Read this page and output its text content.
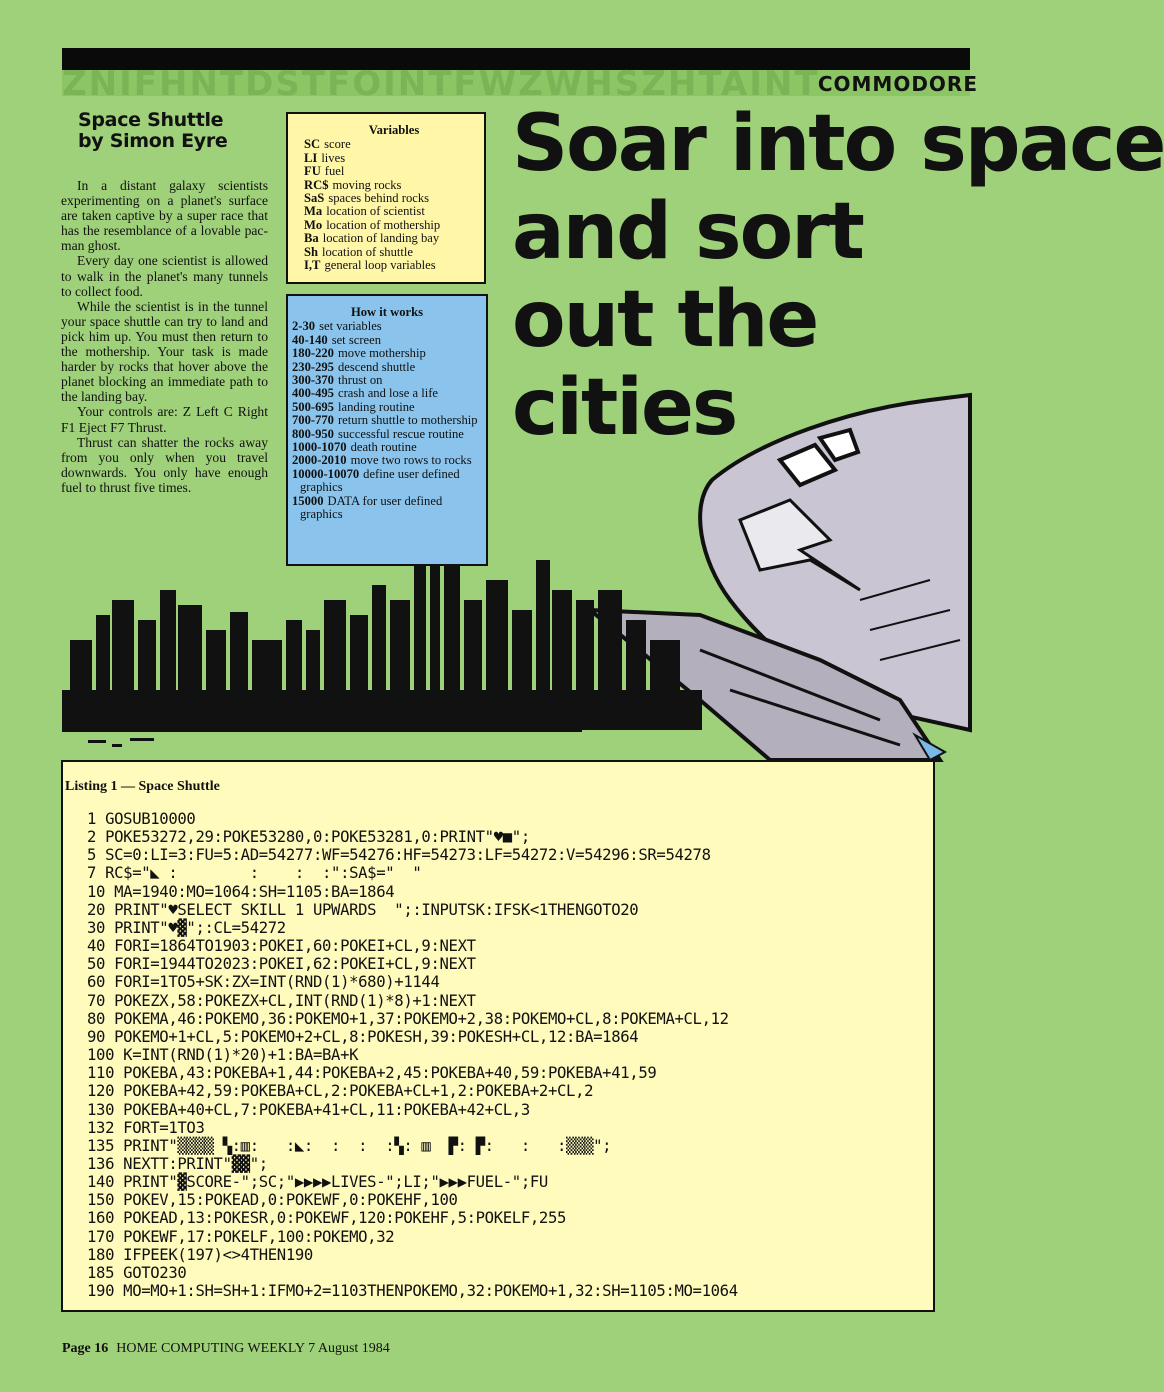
ZNIFHNTDSTFOINTFWZWHSZHTAINT
COMMODORE
Space Shuttle
by Simon Eyre

In a distant galaxy scientists experimenting on a planet's surface are taken captive by a super race that has the resemblance of a lovable pac-man ghost.

Every day one scientist is allowed to walk in the planet's many tunnels to collect food.

While the scientist is in the tunnel your space shuttle can try to land and pick him up. You must then return to the mothership. Your task is made harder by rocks that hover above the planet blocking an immediate path to the landing bay.

Your controls are: Z Left C Right F1 Eject F7 Thrust.

Thrust can shatter the rocks away from you only when you travel downwards. You only have enough fuel to thrust five times.

Variables
SC score
LI lives
FU fuel
RC$ moving rocks
SaS spaces behind rocks
Ma location of scientist
Mo location of mothership
Ba location of landing bay
Sh location of shuttle
I,T general loop variables
How it works
2-30 set variables
40-140 set screen
180-220 move mothership
230-295 descend shuttle
300-370 thrust on
400-495 crash and lose a life
500-695 landing routine
700-770 return shuttle to mothership
800-950 successful rescue routine
1000-1070 death routine
2000-2010 move two rows to rocks
10000-10070 define user defined graphics
15000 DATA for user defined graphics
Soar into space
and sort
out the
cities
Listing 1 — Space Shuttle
1 GOSUB10000
2 POKE53272,29:POKE53280,0:POKE53281,0:PRINT"♥■";
5 SC=0:LI=3:FU=5:AD=54277:WF=54276:HF=54273:LF=54272:V=54296:SR=54278
7 RC$="◣ :        :    :  :":SA$="  "
10 MA=1940:MO=1064:SH=1105:BA=1864
20 PRINT"♥SELECT SKILL 1 UPWARDS  ";:INPUTSK:IFSK<1THENGOTO20
30 PRINT"♥▓";:CL=54272
40 FORI=1864TO1903:POKEI,60:POKEI+CL,9:NEXT
50 FORI=1944TO2023:POKEI,62:POKEI+CL,9:NEXT
60 FORI=1TO5+SK:ZX=INT(RND(1)*680)+1144
70 POKEZX,58:POKEZX+CL,INT(RND(1)*8)+1:NEXT
80 POKEMA,46:POKEMO,36:POKEMO+1,37:POKEMO+2,38:POKEMO+CL,8:POKEMA+CL,12
90 POKEMO+1+CL,5:POKEMO+2+CL,8:POKESH,39:POKESH+CL,12:BA=1864
100 K=INT(RND(1)*20)+1:BA=BA+K
110 POKEBA,43:POKEBA+1,44:POKEBA+2,45:POKEBA+40,59:POKEBA+41,59
120 POKEBA+42,59:POKEBA+CL,2:POKEBA+CL+1,2:POKEBA+2+CL,2
130 POKEBA+40+CL,7:POKEBA+41+CL,11:POKEBA+42+CL,3
132 FORT=1TO3
135 PRINT"▒▒▒▒ ▚:▥:   :◣:  :  :  :▚: ▥  ▛: ▛:   :   :▒▒▒";
136 NEXTT:PRINT"▓▓";
140 PRINT"▓SCORE-";SC;"▶▶▶▶LIVES-";LI;"▶▶▶FUEL-";FU
150 POKEV,15:POKEAD,0:POKEWF,0:POKEHF,100
160 POKEAD,13:POKESR,0:POKEWF,120:POKEHF,5:POKELF,255
170 POKEWF,17:POKELF,100:POKEMO,32
180 IFPEEK(197)<>4THEN190
185 GOTO230
190 MO=MO+1:SH=SH+1:IFMO+2=1103THENPOKEMO,32:POKEMO+1,32:SH=1105:MO=1064
Page 16 HOME COMPUTING WEEKLY 7 August 1984
